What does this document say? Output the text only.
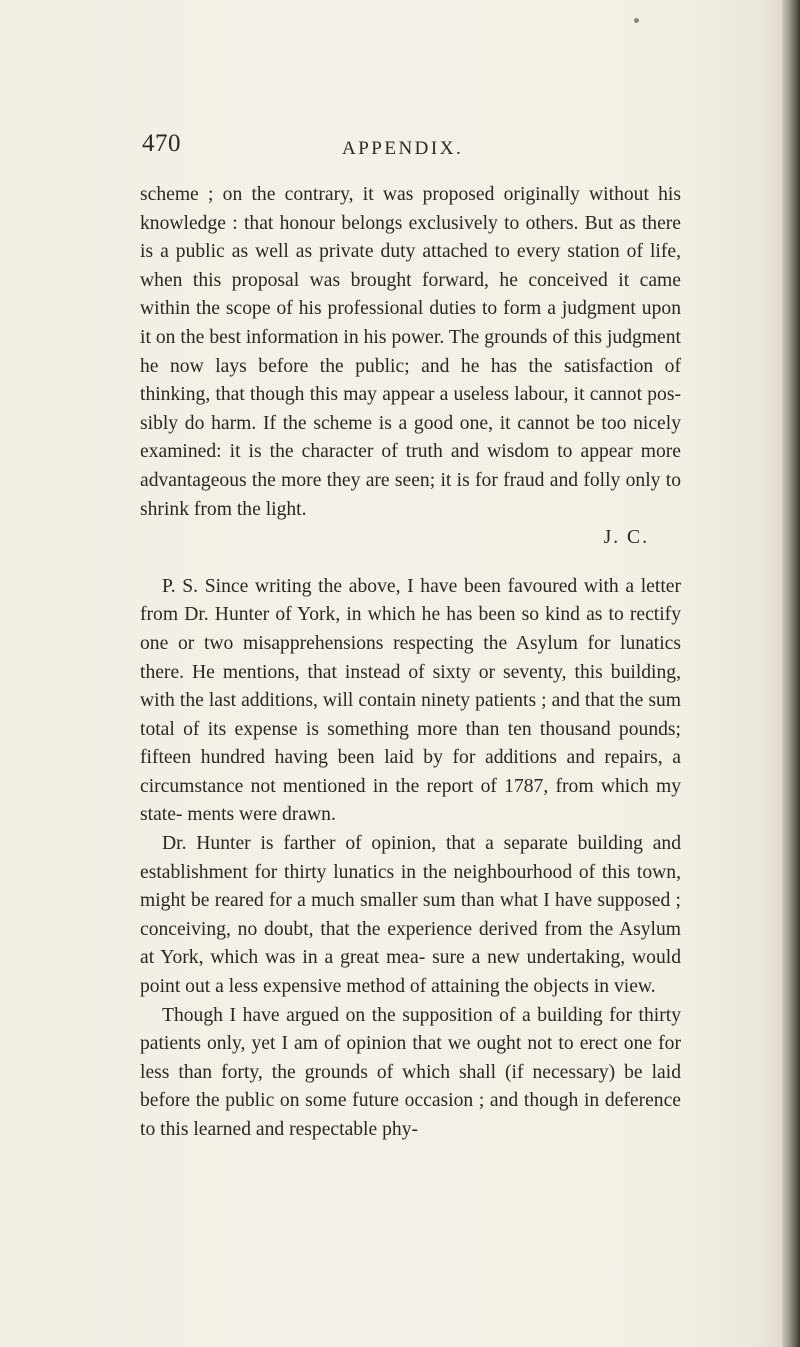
470	APPENDIX.

scheme ; on the contrary, it was proposed originally without his knowledge : that honour belongs exclusively to others. But as there is a public as well as private duty attached to every station of life, when this proposal was brought forward, he conceived it came within the scope of his professional duties to form a judgment upon it on the best information in his power. The grounds of this judgment he now lays before the public; and he has the satisfaction of thinking, that though this may appear a useless labour, it cannot pos- sibly do harm. If the scheme is a good one, it cannot be too nicely examined: it is the character of truth and wisdom to appear more advantageous the more they are seen; it is for fraud and folly only to shrink from the light.

J. C.

P. S. Since writing the above, I have been favoured with a letter from Dr. Hunter of York, in which he has been so kind as to rectify one or two misapprehensions respecting the Asylum for lunatics there. He mentions, that instead of sixty or seventy, this building, with the last additions, will contain ninety patients ; and that the sum total of its expense is something more than ten thousand pounds; fifteen hundred having been laid by for additions and repairs, a circumstance not mentioned in the report of 1787, from which my state- ments were drawn.

Dr. Hunter is farther of opinion, that a separate building and establishment for thirty lunatics in the neighbourhood of this town, might be reared for a much smaller sum than what I have supposed ; conceiving, no doubt, that the experience derived from the Asylum at York, which was in a great mea- sure a new undertaking, would point out a less expensive method of attaining the objects in view.

Though I have argued on the supposition of a building for thirty patients only, yet I am of opinion that we ought not to erect one for less than forty, the grounds of which shall (if necessary) be laid before the public on some future occasion ; and though in deference to this learned and respectable phy-
